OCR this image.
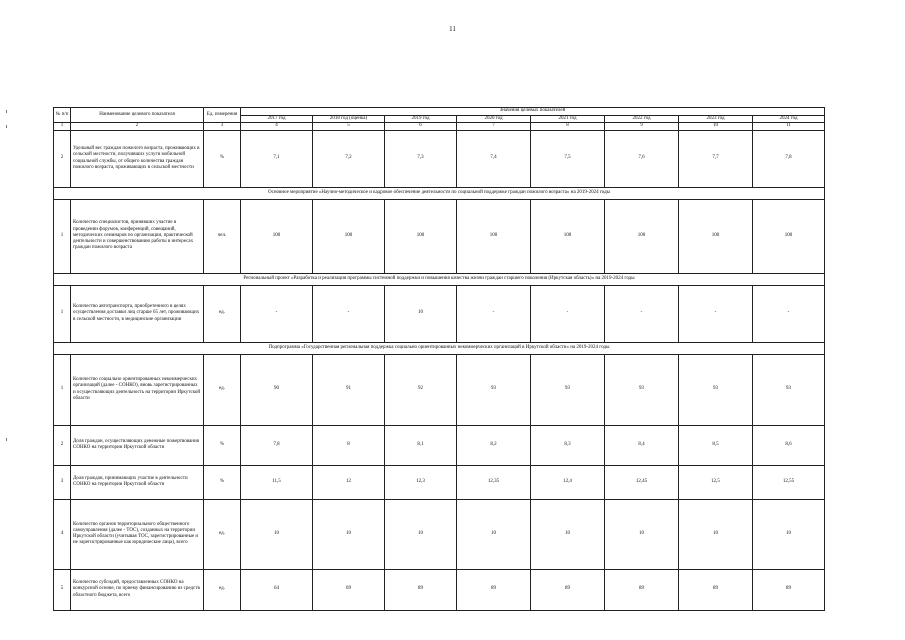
11
№ п/п	Наименование целевого показателя	Ед. измерения	Значения целевых показателей							
			2017 год	2018 год (оценка)	2019 год	2020 год	2021 год	2022 год	2023 год	2024 год
1	2	3	4	5	6	7	8	9	10	11
2	Удельный вес граждан пожилого возраста, проживающих в сельской местности, получивших услуги мобильной социальной службы, от общего количества граждан пожилого возраста, проживающих в сельской местности	%	7,1	7,2	7,3	7,4	7,5	7,6	7,7	7,8
Основное мероприятие «Научно-методическое и кадровое обеспечение деятельности по социальной поддержке граждан пожилого возраста» на 2019-2024 годы										
1	Количество специалистов, принявших участие в проведении форумов, конференций, совещаний, методических семинаров по организации, практической деятельности и совершенствованию работы в интересах граждан пожилого возраста	чел.	100	100	100	100	100	100	100	100
Региональный проект «Разработка и реализация программы системной поддержки и повышения качества жизни граждан старшего поколения (Иркутская область)» на 2019-2024 годы										
1	Количество автотранспорта, приобретенного в целях осуществления доставки лиц старше 65 лет, проживающих в сельской местности, в медицинские организации	ед.	-	-	10	-	-	-	-	-
Подпрограмма «Государственная региональная поддержка социально ориентированных некоммерческих организаций в Иркутской области» на 2019-2024 годы										
1	Количество социально ориентированных некоммерческих организаций (далее - СОНКО), вновь зарегистрированных и осуществляющих деятельность на территории Иркутской области	ед.	90	91	92	93	93	93	93	93
2	Доля граждан, осуществляющих денежные пожертвования СОНКО на территории Иркутской области	%	7,8	8	8,1	8,2	8,3	8,4	8,5	8,6
3	Доля граждан, принимающих участие в деятельности СОНКО на территории Иркутской области	%	11,5	12	12,3	12,35	12,4	12,45	12,5	12,55
4	Количество органов территориального общественного самоуправления (далее - ТОС), созданных на территории Иркутской области (учитывая ТОС, зарегистрированные и не зарегистрированные как юридические лица), всего	ед.	10	10	10	10	10	10	10	10
5	Количество субсидий, предоставленных СОНКО на конкурсной основе, по приему финансированию из средств областного бюджета, всего	ед.	64	69	89	89	89	89	89	89
